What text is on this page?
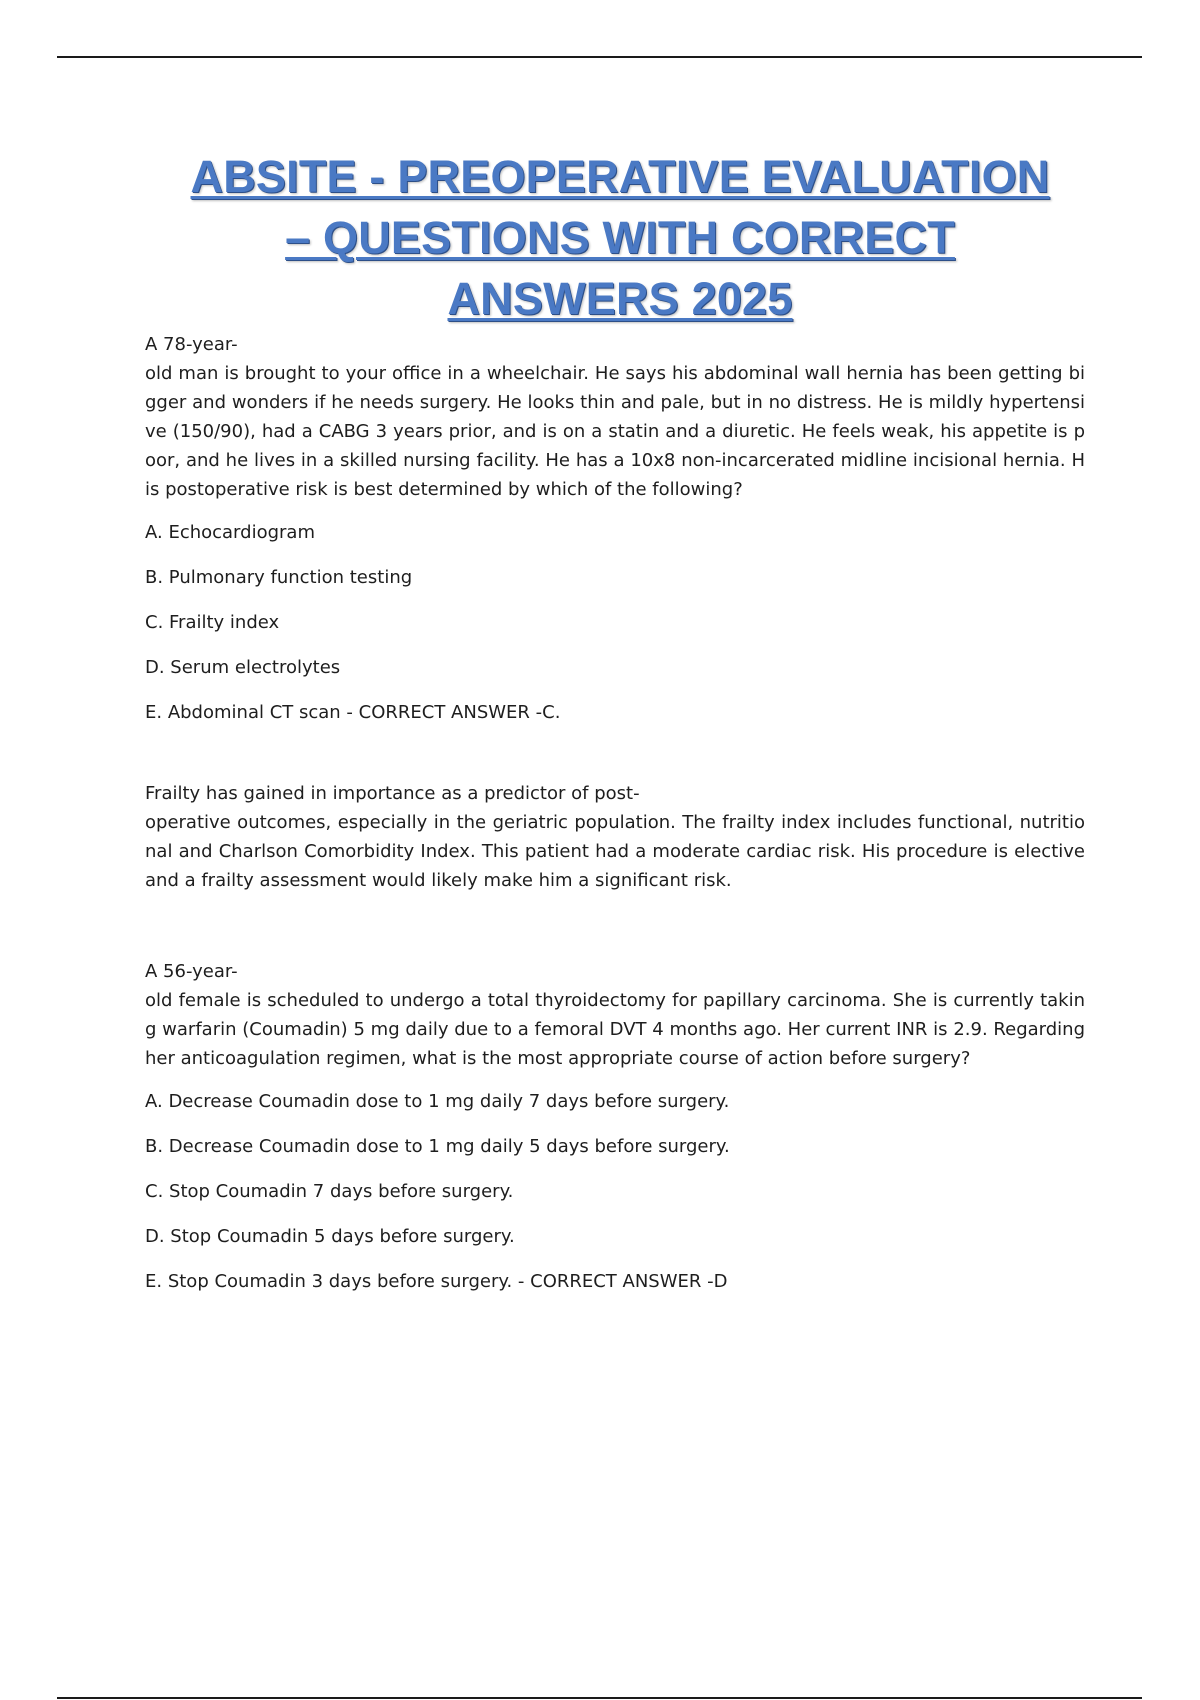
ABSITE - PREOPERATIVE EVALUATION
– QUESTIONS WITH CORRECT
ANSWERS 2025

A 78-year-

old man is brought to your office in a wheelchair. He says his abdominal wall hernia has been getting bigger and wonders if he needs surgery. He looks thin and pale, but in no distress. He is mildly hypertensive (150/90), had a CABG 3 years prior, and is on a statin and a diuretic. He feels weak, his appetite is poor, and he lives in a skilled nursing facility. He has a 10x8 non-incarcerated midline incisional hernia. His postoperative risk is best determined by which of the following?

A. Echocardiogram
B. Pulmonary function testing
C. Frailty index
D. Serum electrolytes
E. Abdominal CT scan - CORRECT ANSWER -C.

Frailty has gained in importance as a predictor of post-

operative outcomes, especially in the geriatric population. The frailty index includes functional, nutritional and Charlson Comorbidity Index. This patient had a moderate cardiac risk. His procedure is elective and a frailty assessment would likely make him a significant risk.

A 56-year-

old female is scheduled to undergo a total thyroidectomy for papillary carcinoma. She is currently taking warfarin (Coumadin) 5 mg daily due to a femoral DVT 4 months ago. Her current INR is 2.9. Regarding her anticoagulation regimen, what is the most appropriate course of action before surgery?

A. Decrease Coumadin dose to 1 mg daily 7 days before surgery.
B. Decrease Coumadin dose to 1 mg daily 5 days before surgery.
C. Stop Coumadin 7 days before surgery.
D. Stop Coumadin 5 days before surgery.
E. Stop Coumadin 3 days before surgery. - CORRECT ANSWER -D
